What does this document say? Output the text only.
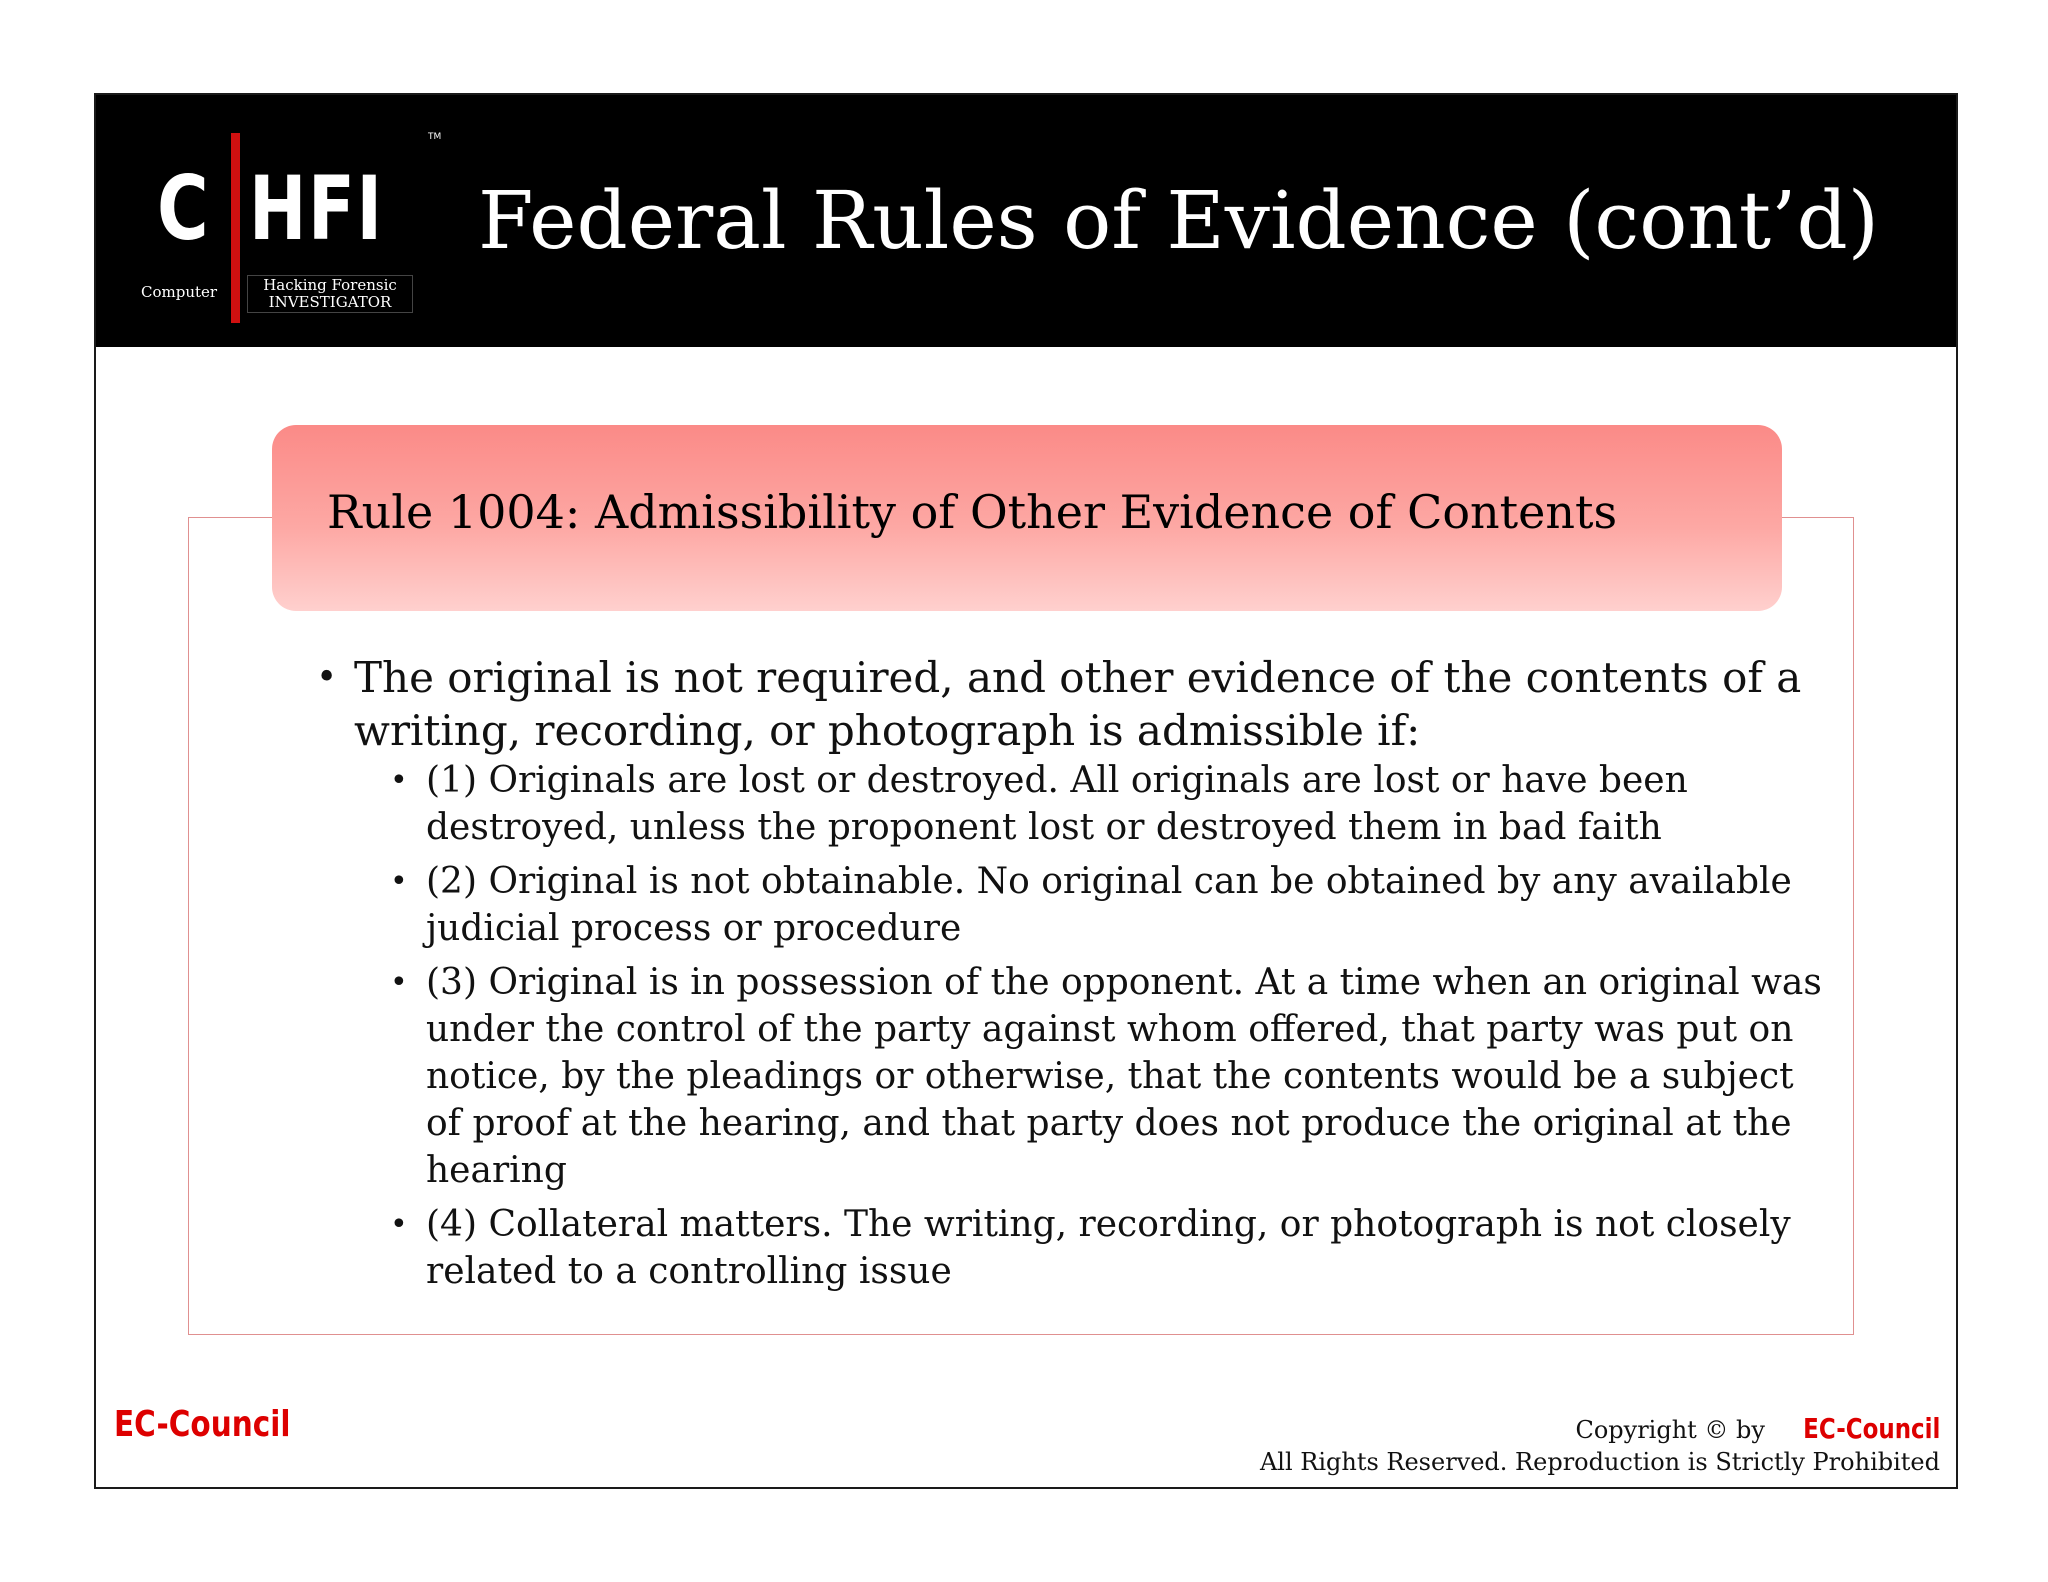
C HFI
TM
Computer	Hacking Forensic
INVESTIGATOR
Federal Rules of Evidence (cont’d)
Rule 1004: Admissibility of Other Evidence of Contents
• The original is not required, and other evidence of the contents of a writing, recording, or photograph is admissible if:
• (1) Originals are lost or destroyed. All originals are lost or have been destroyed, unless the proponent lost or destroyed them in bad faith
• (2) Original is not obtainable. No original can be obtained by any available judicial process or procedure
• (3) Original is in possession of the opponent. At a time when an original was under the control of the party against whom offered, that party was put on notice, by the pleadings or otherwise, that the contents would be a subject of proof at the hearing, and that party does not produce the original at the hearing
• (4) Collateral matters. The writing, recording, or photograph is not closely related to a controlling issue
EC-Council	Copyright © by EC-Council
All Rights Reserved. Reproduction is Strictly Prohibited
